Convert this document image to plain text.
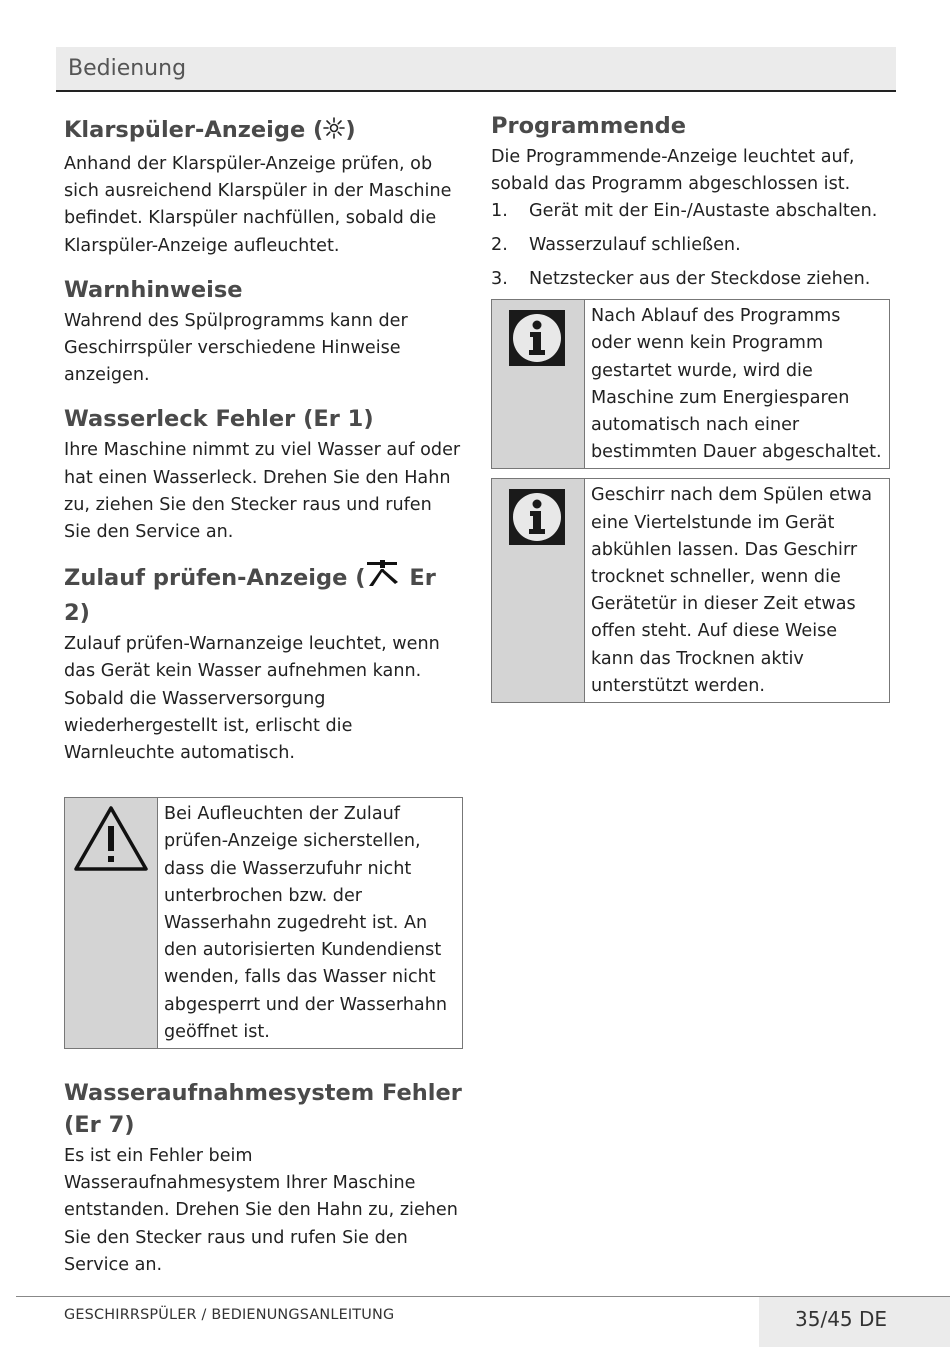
Bedienung
Klarspüler-Anzeige ( )

Anhand der Klarspüler-Anzeige prüfen, ob sich ausreichend Klarspüler in der Maschine befindet. Klarspüler nachfüllen, sobald die Klarspüler-Anzeige aufleuchtet.

Warnhinweise

Wahrend des Spülprogramms kann der Geschirrspüler verschiedene Hinweise anzeigen.

Wasserleck Fehler (Er 1)

Ihre Maschine nimmt zu viel Wasser auf oder hat einen Wasserleck. Drehen Sie den Hahn zu, ziehen Sie den Stecker raus und rufen Sie den Service an.

Zulauf prüfen-Anzeige ( Er 2)

Zulauf prüfen-Warnanzeige leuchtet, wenn das Gerät kein Wasser aufnehmen kann. Sobald die Wasserversorgung wiederhergestellt ist, erlischt die Warnleuchte automatisch.

Bei Aufleuchten der Zulauf prüfen-Anzeige sicherstellen, dass die Wasserzufuhr nicht unterbrochen bzw. der Wasserhahn zugedreht ist. An den autorisierten Kundendienst wenden, falls das Wasser nicht abgesperrt und der Wasserhahn geöffnet ist.
Wasseraufnahmesystem Fehler (Er 7)

Es ist ein Fehler beim Wasseraufnahmesystem Ihrer Maschine entstanden. Drehen Sie den Hahn zu, ziehen Sie den Stecker raus und rufen Sie den Service an.

Programmende

Die Programmende-Anzeige leuchtet auf, sobald das Programm abgeschlossen ist.

1.	Gerät mit der Ein-/Austaste abschalten.
2.	Wasserzulauf schließen.
3.	Netzstecker aus der Steckdose ziehen.
Nach Ablauf des Programms oder wenn kein Programm gestartet wurde, wird die Maschine zum Energiesparen automatisch nach einer bestimmten Dauer abgeschaltet.
Geschirr nach dem Spülen etwa eine Viertelstunde im Gerät abkühlen lassen. Das Geschirr trocknet schneller, wenn die Gerätetür in dieser Zeit etwas offen steht. Auf diese Weise kann das Trocknen aktiv unterstützt werden.
GESCHIRRSPÜLER / BEDIENUNGSANLEITUNG	35/45 DE
